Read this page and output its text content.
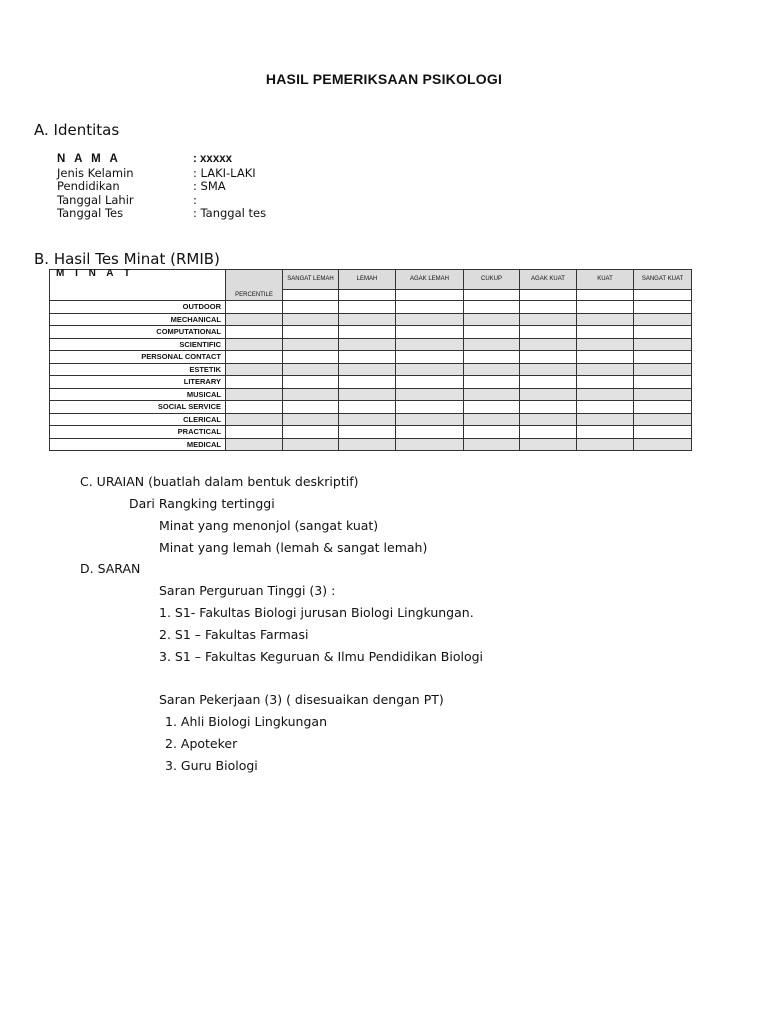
HASIL PEMERIKSAAN PSIKOLOGI
A. Identitas
N A M A	: xxxxx
Jenis Kelamin	: LAKI-LAKI
Pendidikan	: SMA
Tanggal Lahir	:
Tanggal Tes	: Tanggal tes
B. Hasil Tes Minat (RMIB)
M I N A T	PERCENTILE	SANGAT LEMAH	LEMAH	AGAK LEMAH	CUKUP	AGAK KUAT	KUAT	SANGAT KUAT

OUTDOOR								
MECHANICAL								
COMPUTATIONAL								
SCIENTIFIC								
PERSONAL CONTACT								
ESTETIK								
LITERARY								
MUSICAL								
SOCIAL SERVICE								
CLERICAL								
PRACTICAL								
MEDICAL								
C. URAIAN (buatlah dalam bentuk deskriptif)
Dari Rangking tertinggi
Minat yang menonjol (sangat kuat)
Minat yang lemah (lemah & sangat lemah)
D. SARAN
Saran Perguruan Tinggi (3) :
1. S1- Fakultas Biologi jurusan Biologi Lingkungan.
2. S1 – Fakultas Farmasi
3. S1 – Fakultas Keguruan & Ilmu Pendidikan Biologi
Saran Pekerjaan (3) ( disesuaikan dengan PT)
1. Ahli Biologi Lingkungan
2. Apoteker
3. Guru Biologi
